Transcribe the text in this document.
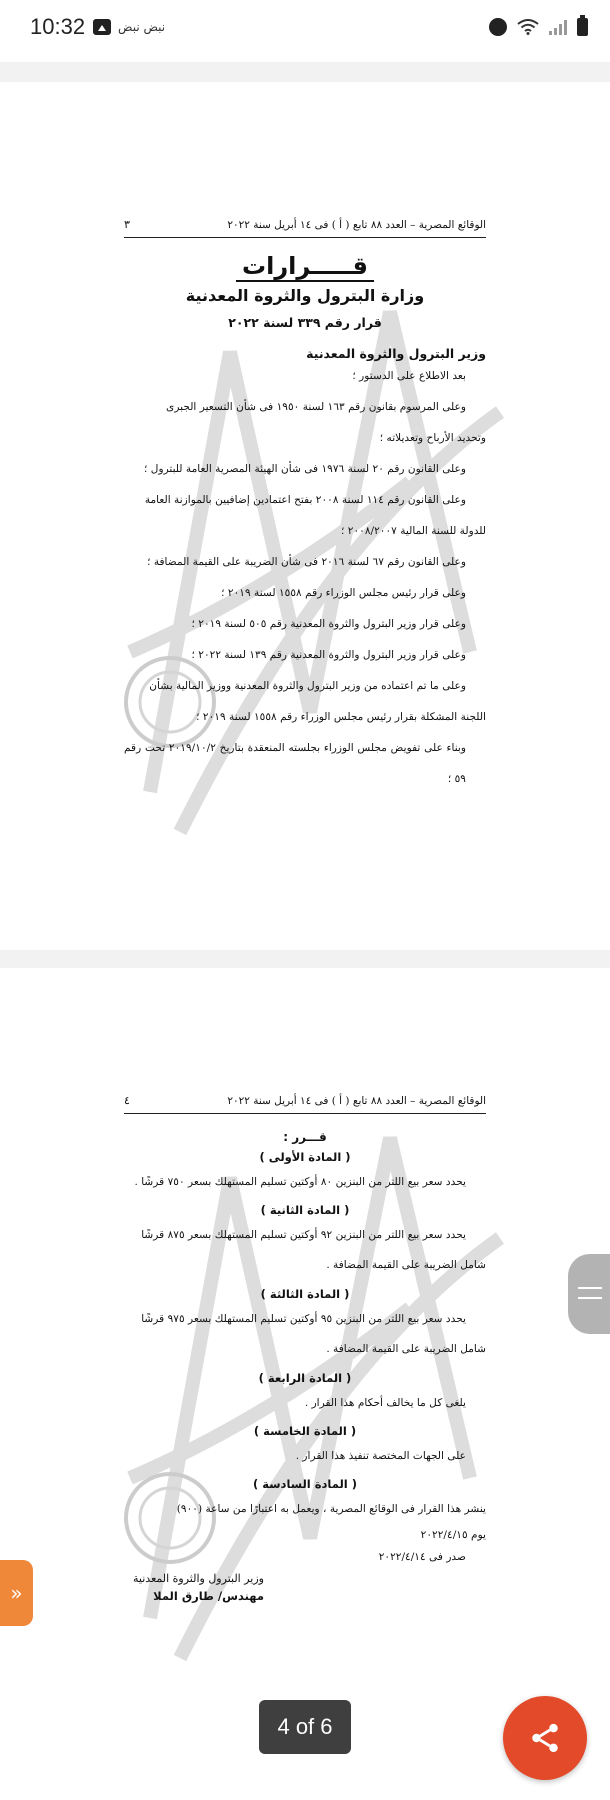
10:32	نبض نبض
الوقائع المصرية – العدد ٨٨ تابع ( أ ) فى ١٤ أبريل سنة ٢٠٢٢
٣
قـــــرارات
وزارة البترول والثروة المعدنية
قرار رقم ٣٣٩ لسنة ٢٠٢٢
وزير البترول والثروة المعدنية
بعد الاطلاع على الدستور ؛
وعلى المرسوم بقانون رقم ١٦٣ لسنة ١٩٥٠ فى شأن التسعير الجبرى
وتحديد الأرباح وتعديلاته ؛
وعلى القانون رقم ٢٠ لسنة ١٩٧٦ فى شأن الهيئة المصرية العامة للبترول ؛
وعلى القانون رقم ١١٤ لسنة ٢٠٠٨ بفتح اعتمادين إضافيين بالموازنة العامة
للدولة للسنة المالية ٢٠٠٨/٢٠٠٧ ؛
وعلى القانون رقم ٦٧ لسنة ٢٠١٦ فى شأن الضريبة على القيمة المضافة ؛
وعلى قرار رئيس مجلس الوزراء رقم ١٥٥٨ لسنة ٢٠١٩ ؛
وعلى قرار وزير البترول والثروة المعدنية رقم ٥٠٥ لسنة ٢٠١٩ ؛
وعلى قرار وزير البترول والثروة المعدنية رقم ١٣٩ لسنة ٢٠٢٢ ؛
وعلى ما تم اعتماده من وزير البترول والثروة المعدنية ووزير المالية بشأن
اللجنة المشكلة بقرار رئيس مجلس الوزراء رقم ١٥٥٨ لسنة ٢٠١٩ ؛
وبناء على تفويض مجلس الوزراء بجلسته المنعقدة بتاريخ ٢٠١٩/١٠/٢ تحت رقم ٥٩ ؛
الوقائع المصرية – العدد ٨٨ تابع ( أ ) فى ١٤ أبريل سنة ٢٠٢٢
٤
قـــرر :
( المادة الأولى )
يحدد سعر بيع اللتر من البنزين ٨٠ أوكتين تسليم المستهلك بسعر ٧٥٠ قرشًا .
( المادة الثانية )
يحدد سعر بيع اللتر من البنزين ٩٢ أوكتين تسليم المستهلك بسعر ٨٧٥ قرشًا
شامل الضريبة على القيمة المضافة .
( المادة الثالثة )
يحدد سعر بيع اللتر من البنزين ٩٥ أوكتين تسليم المستهلك بسعر ٩٧٥ قرشًا
شامل الضريبة على القيمة المضافة .
( المادة الرابعة )
يلغى كل ما يخالف أحكام هذا القرار .
( المادة الخامسة )
على الجهات المختصة تنفيذ هذا القرار .
( المادة السادسة )
ينشر هذا القرار فى الوقائع المصرية ، ويعمل به اعتبارًا من ساعة (٩٠٠)
يوم ٢٠٢٢/٤/١٥
صدر فى ٢٠٢٢/٤/١٤
وزير البترول والثروة المعدنية
مهندس/ طارق الملا
»
4 of 6
